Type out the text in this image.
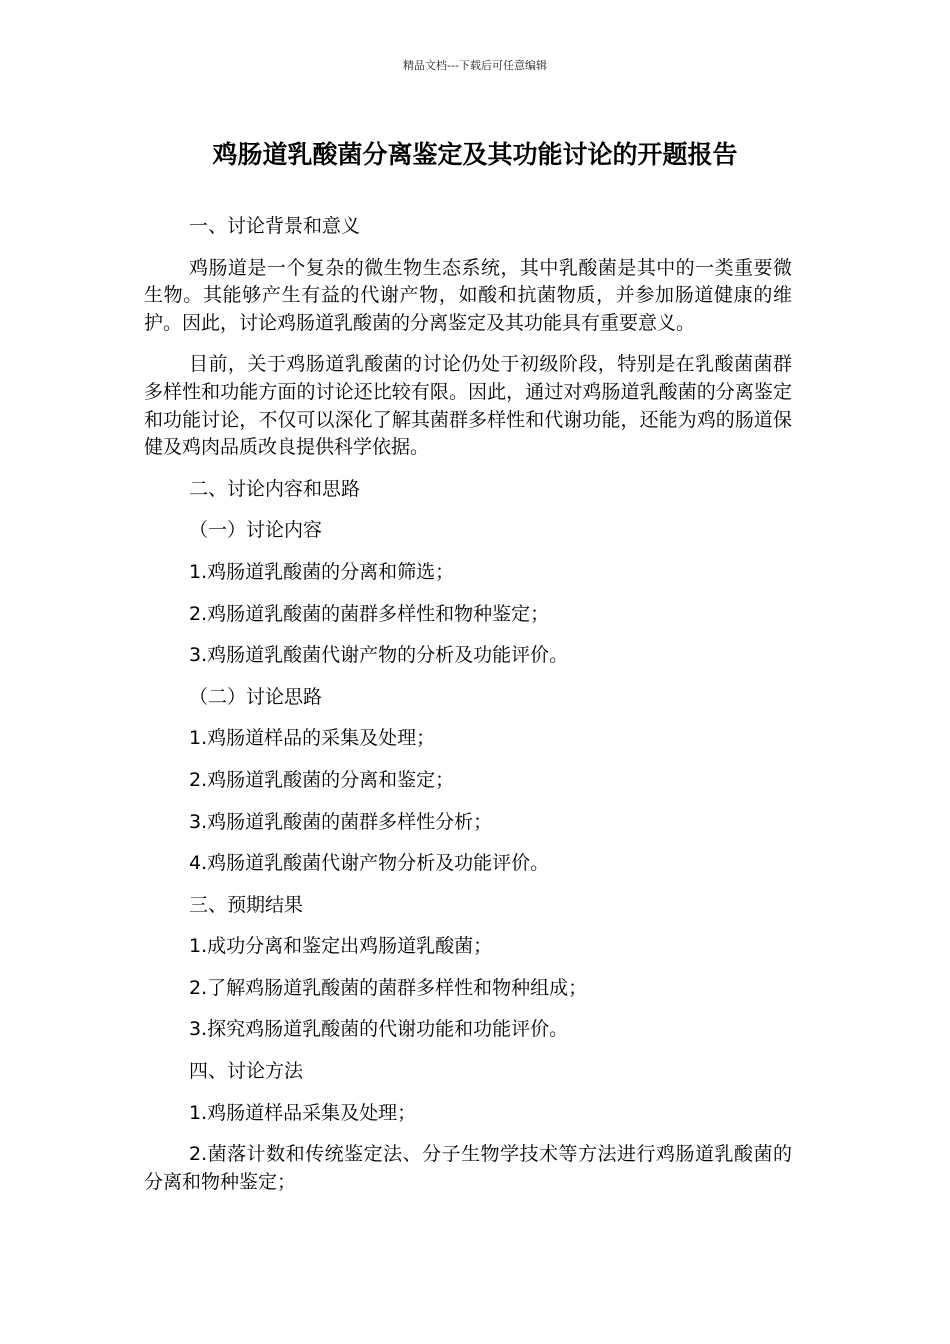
精品文档---下载后可任意编辑
鸡肠道乳酸菌分离鉴定及其功能讨论的开题报告

一、讨论背景和意义

鸡肠道是一个复杂的微生物生态系统，其中乳酸菌是其中的一类重要微生物。其能够产生有益的代谢产物，如酸和抗菌物质，并参加肠道健康的维护。因此，讨论鸡肠道乳酸菌的分离鉴定及其功能具有重要意义。

目前，关于鸡肠道乳酸菌的讨论仍处于初级阶段，特别是在乳酸菌菌群多样性和功能方面的讨论还比较有限。因此，通过对鸡肠道乳酸菌的分离鉴定和功能讨论，不仅可以深化了解其菌群多样性和代谢功能，还能为鸡的肠道保健及鸡肉品质改良提供科学依据。

二、讨论内容和思路

（一）讨论内容

1.鸡肠道乳酸菌的分离和筛选；

2.鸡肠道乳酸菌的菌群多样性和物种鉴定；

3.鸡肠道乳酸菌代谢产物的分析及功能评价。

（二）讨论思路

1.鸡肠道样品的采集及处理；

2.鸡肠道乳酸菌的分离和鉴定；

3.鸡肠道乳酸菌的菌群多样性分析；

4.鸡肠道乳酸菌代谢产物分析及功能评价。

三、预期结果

1.成功分离和鉴定出鸡肠道乳酸菌；

2.了解鸡肠道乳酸菌的菌群多样性和物种组成；

3.探究鸡肠道乳酸菌的代谢功能和功能评价。

四、讨论方法

1.鸡肠道样品采集及处理；

2.菌落计数和传统鉴定法、分子生物学技术等方法进行鸡肠道乳酸菌的分离和物种鉴定；
